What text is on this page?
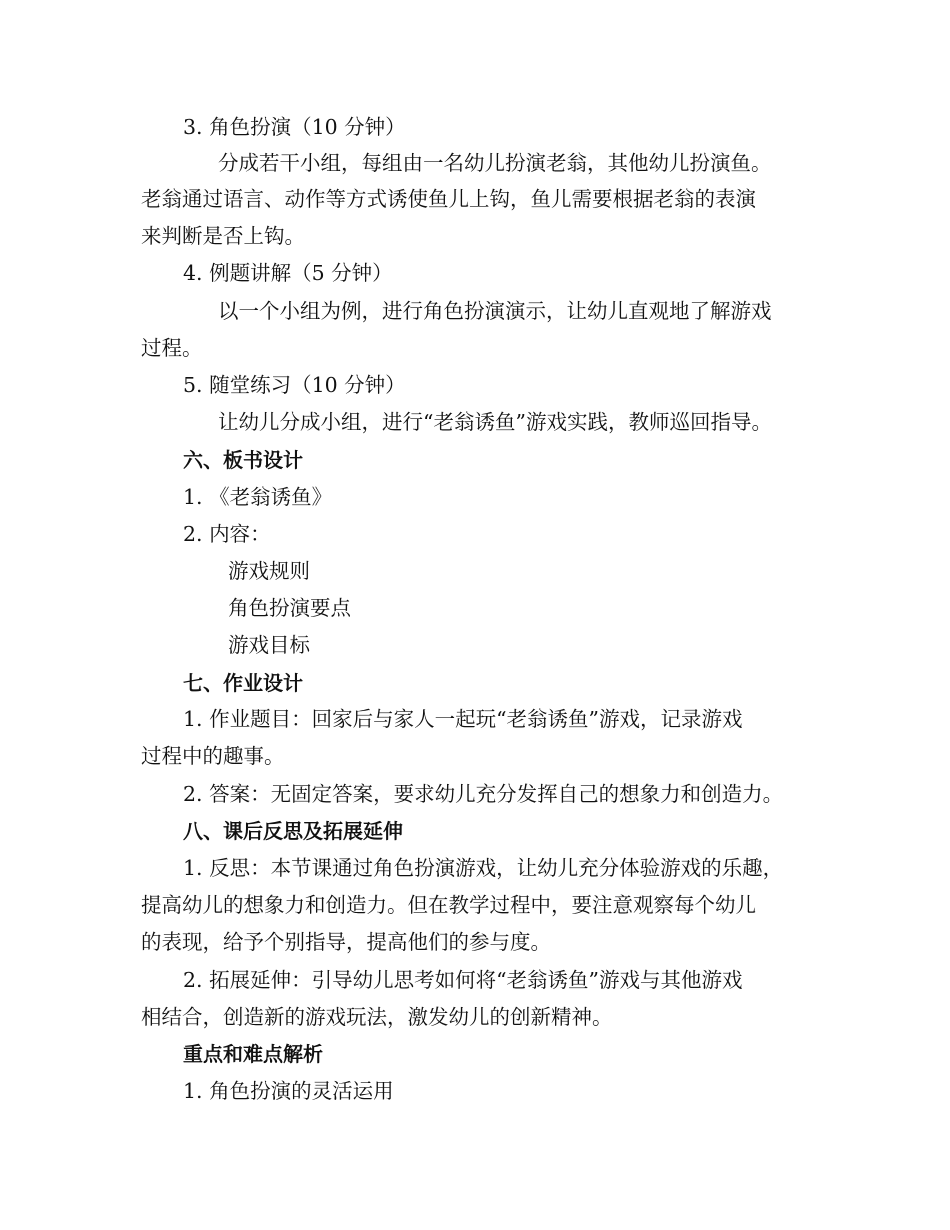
3. 角色扮演（10 分钟）
分成若干小组，每组由一名幼儿扮演老翁，其他幼儿扮演鱼。
老翁通过语言、动作等方式诱使鱼儿上钩，鱼儿需要根据老翁的表演
来判断是否上钩。
4. 例题讲解（5 分钟）
以一个小组为例，进行角色扮演演示，让幼儿直观地了解游戏
过程。
5. 随堂练习（10 分钟）
让幼儿分成小组，进行“老翁诱鱼”游戏实践，教师巡回指导。
六、板书设计
1. 《老翁诱鱼》
2. 内容：
游戏规则
角色扮演要点
游戏目标
七、作业设计
1. 作业题目：回家后与家人一起玩“老翁诱鱼”游戏，记录游戏
过程中的趣事。
2. 答案：无固定答案，要求幼儿充分发挥自己的想象力和创造力。
八、课后反思及拓展延伸
1. 反思：本节课通过角色扮演游戏，让幼儿充分体验游戏的乐趣，
提高幼儿的想象力和创造力。但在教学过程中，要注意观察每个幼儿
的表现，给予个别指导，提高他们的参与度。
2. 拓展延伸：引导幼儿思考如何将“老翁诱鱼”游戏与其他游戏
相结合，创造新的游戏玩法，激发幼儿的创新精神。
重点和难点解析
1. 角色扮演的灵活运用
